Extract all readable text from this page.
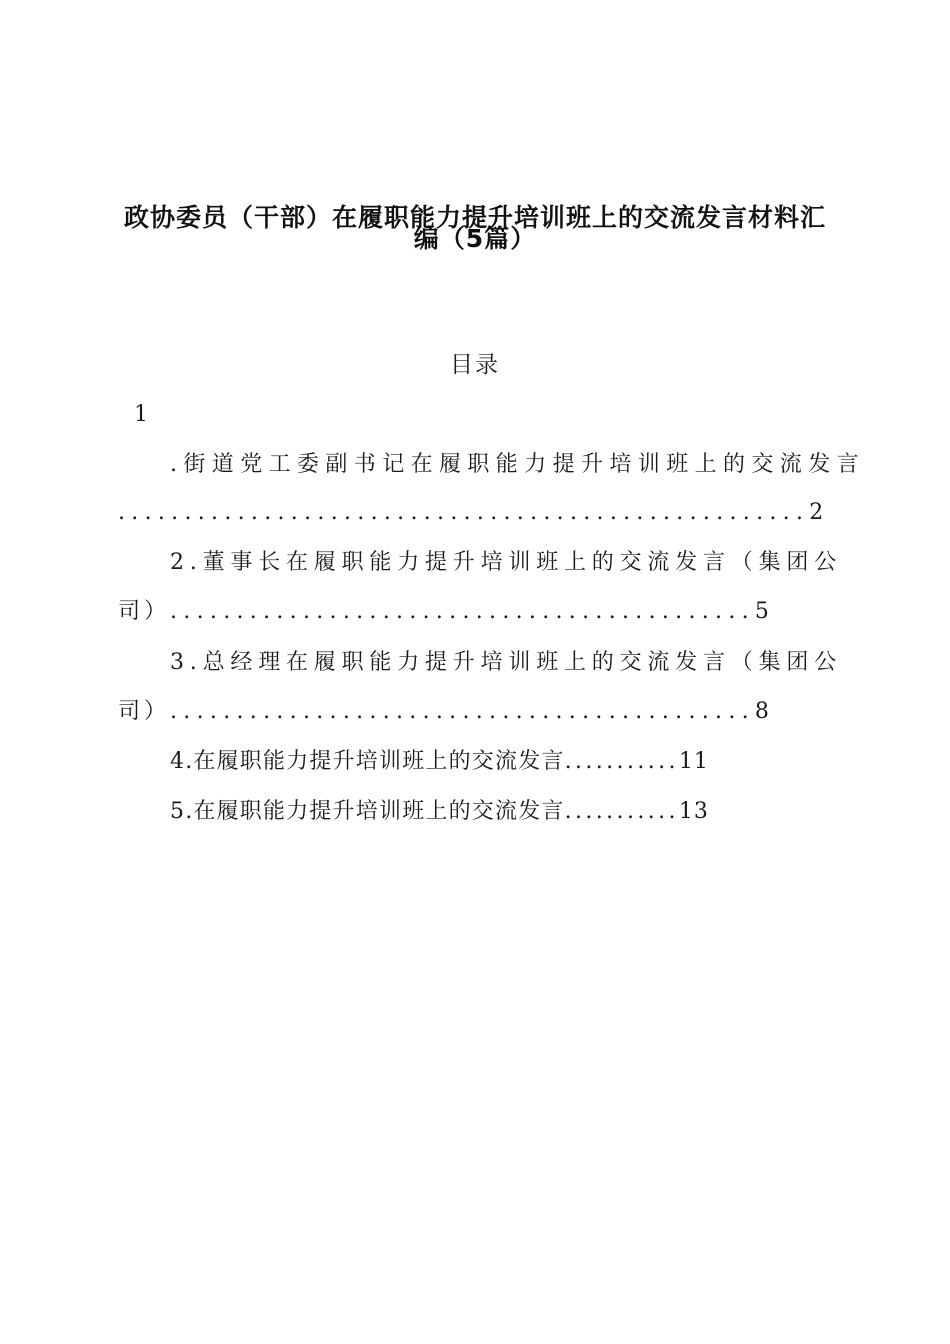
政协委员（干部）在履职能力提升培训班上的交流发言材料汇
编（5篇）
目录
1
.街道党工委副书记在履职能力提升培训班上的交流发言
....................................................2
2.董事长在履职能力提升培训班上的交流发言（集团公
司）............................................5
3.总经理在履职能力提升培训班上的交流发言（集团公
司）............................................8
4.在履职能力提升培训班上的交流发言...........11
5.在履职能力提升培训班上的交流发言...........13
